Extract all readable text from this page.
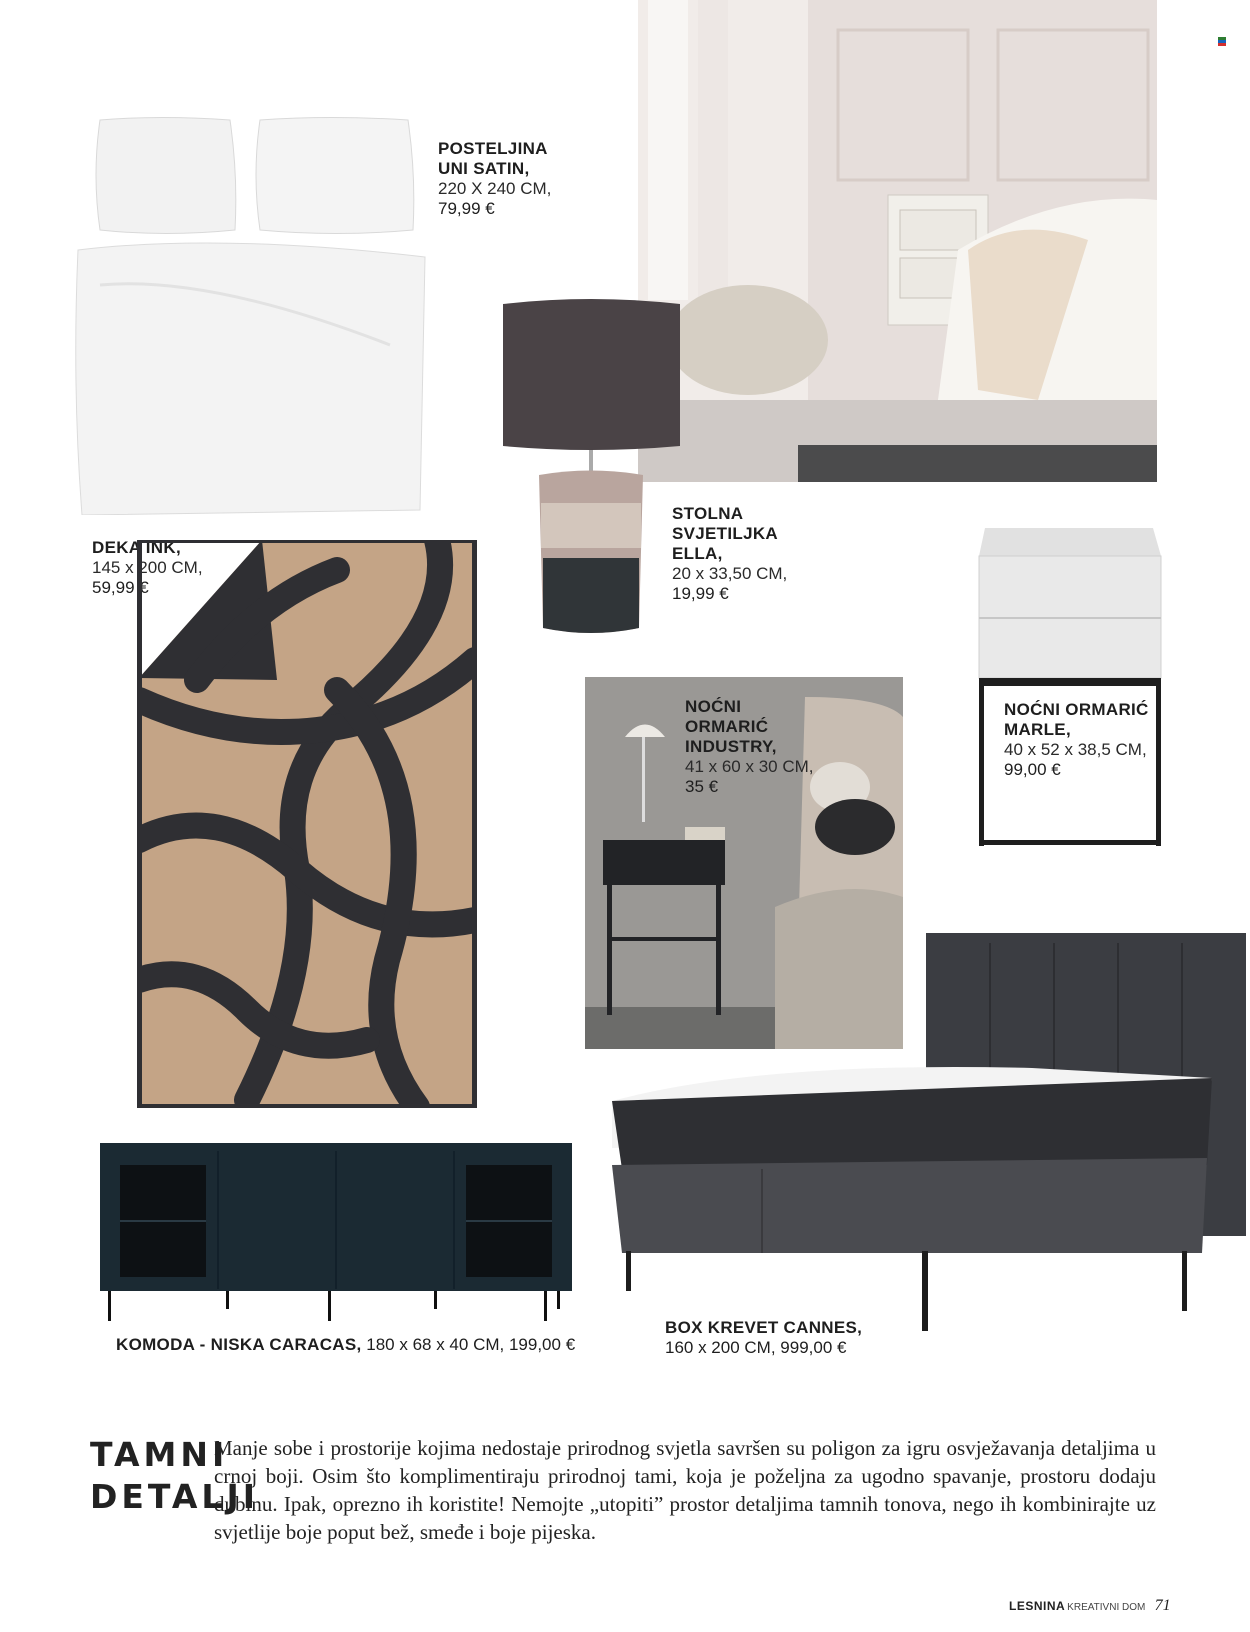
POSTELJINA
UNI SATIN,
220 X 240 CM,
79,99 €
STOLNA
SVJETILJKA
ELLA,
20 x 33,50 CM,
19,99 €
DEKA INK,
145 x 200 CM,
59,99 €
NOĆNI
ORMARIĆ
INDUSTRY,
41 x 60 x 30 CM,
35 €
NOĆNI ORMARIĆ
MARLE,
40 x 52 x 38,5 CM,
99,00 €
BOX KREVET CANNES,
160 x 200 CM, 999,00 €
KOMODA - NISKA CARACAS, 180 x 68 x 40 CM, 199,00 €
TAMNI
DETALJI
Manje sobe i prostorije kojima nedostaje prirodnog svjetla savršen su poligon za igru osvježavanja detaljima u crnoj boji. Osim što komplimentiraju prirodnoj tami, koja je poželjna za ugodno spavanje, prostoru dodaju dubinu. Ipak, oprezno ih koristite! Nemojte „utopiti” prostor detaljima tamnih tonova, nego ih kombinirajte uz svjetlije boje poput bež, smeđe i boje pijeska.
LESNINA KREATIVNI DOM 71
